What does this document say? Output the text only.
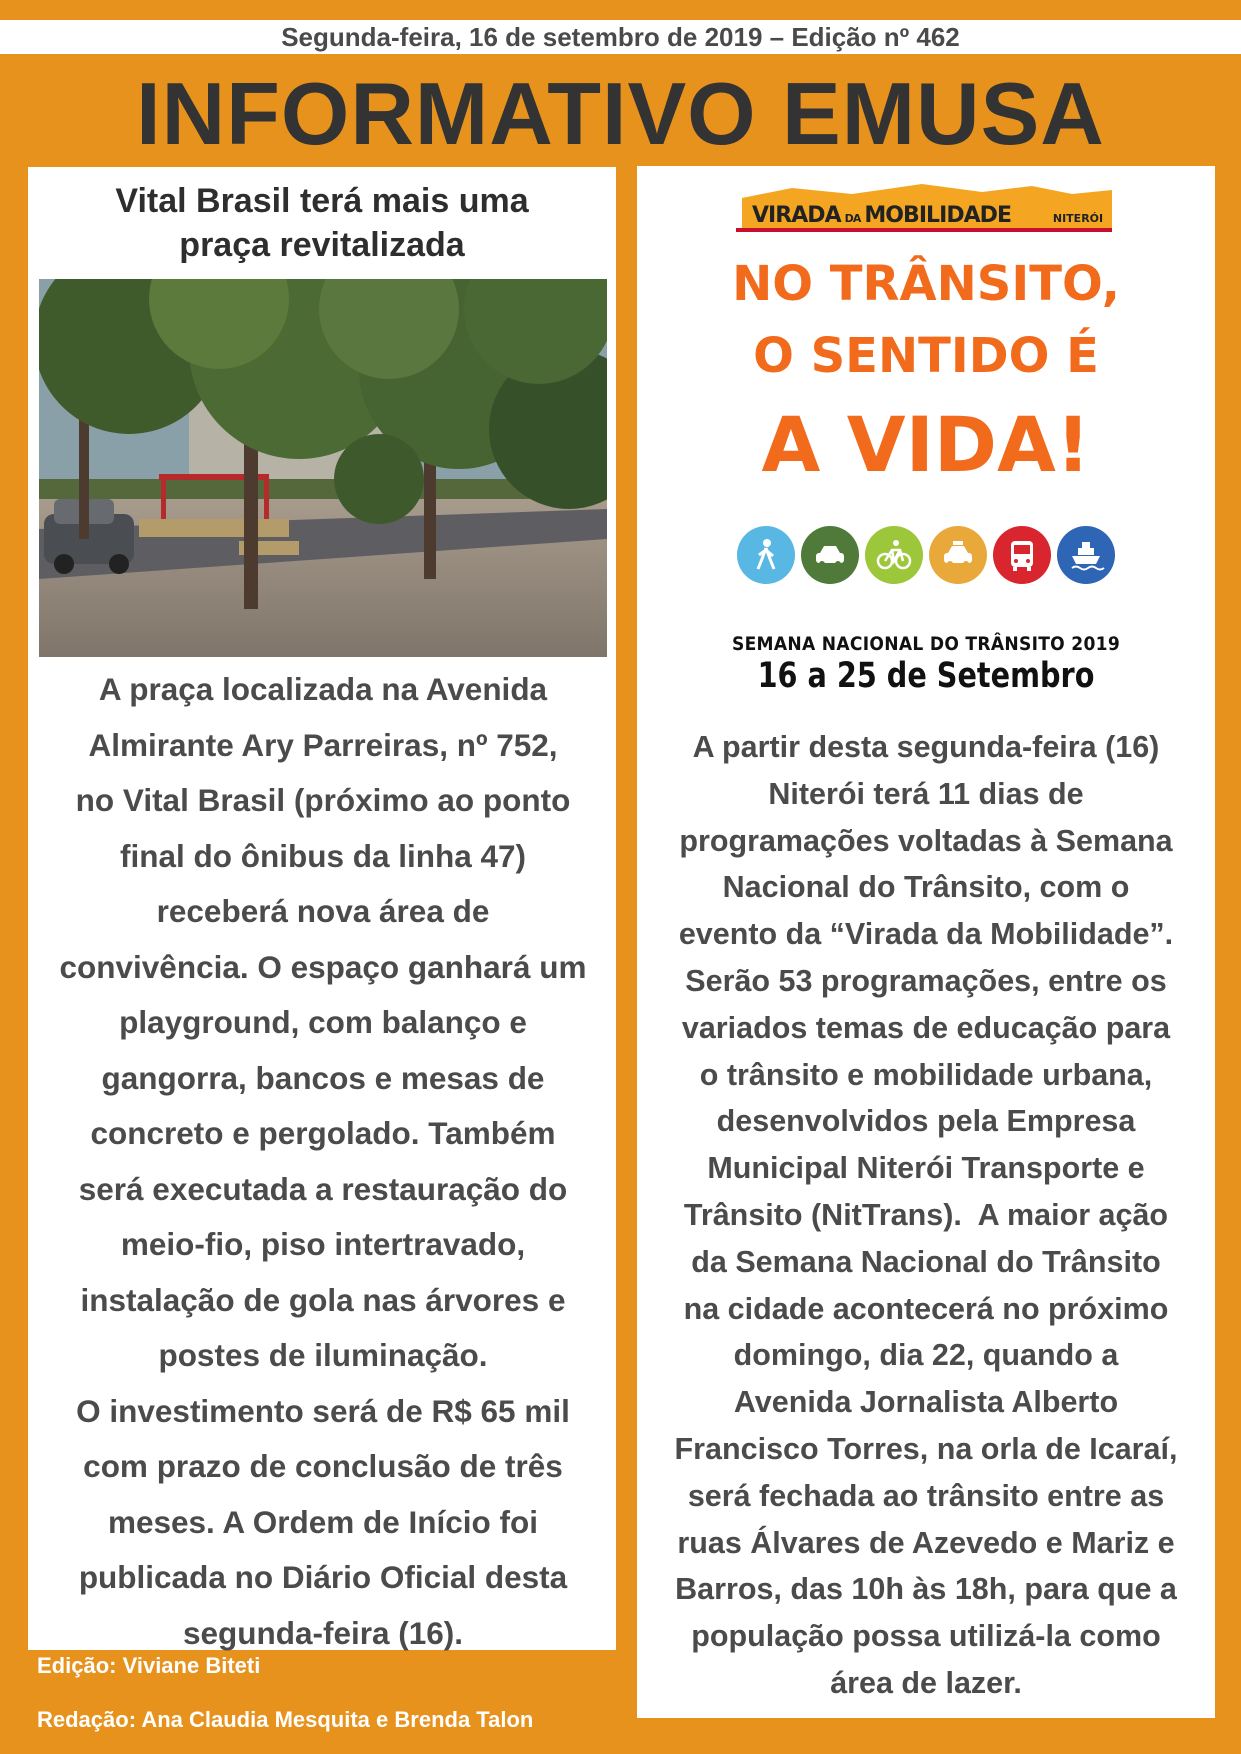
Segunda-feira, 16 de setembro de 2019 – Edição nº 462
INFORMATIVO EMUSA
Vital Brasil terá mais uma
praça revitalizada
A praça localizada na Avenida
Almirante Ary Parreiras, nº 752,
no Vital Brasil (próximo ao ponto
final do ônibus da linha 47)
receberá nova área de
convivência. O espaço ganhará um
playground, com balanço e
gangorra, bancos e mesas de
concreto e pergolado. Também
será executada a restauração do
meio-fio, piso intertravado,
instalação de gola nas árvores e
postes de iluminação.
O investimento será de R$ 65 mil
com prazo de conclusão de três
meses. A Ordem de Início foi
publicada no Diário Oficial desta
segunda-feira (16).
VIRADA DA MOBILIDADE	NITERÓI
NO TRÂNSITO,
O SENTIDO É
A VIDA!
SEMANA NACIONAL DO TRÂNSITO 2019
16 a 25 de Setembro
A partir desta segunda-feira (16)
Niterói terá 11 dias de
programações voltadas à Semana
Nacional do Trânsito, com o
evento da “Virada da Mobilidade”.
Serão 53 programações, entre os
variados temas de educação para
o trânsito e mobilidade urbana,
desenvolvidos pela Empresa
Municipal Niterói Transporte e
Trânsito (NitTrans).  A maior ação
da Semana Nacional do Trânsito
na cidade acontecerá no próximo
domingo, dia 22, quando a
Avenida Jornalista Alberto
Francisco Torres, na orla de Icaraí,
será fechada ao trânsito entre as
ruas Álvares de Azevedo e Mariz e
Barros, das 10h às 18h, para que a
população possa utilizá-la como
área de lazer.
Edição: Viviane Biteti
Redação: Ana Claudia Mesquita e Brenda Talon
